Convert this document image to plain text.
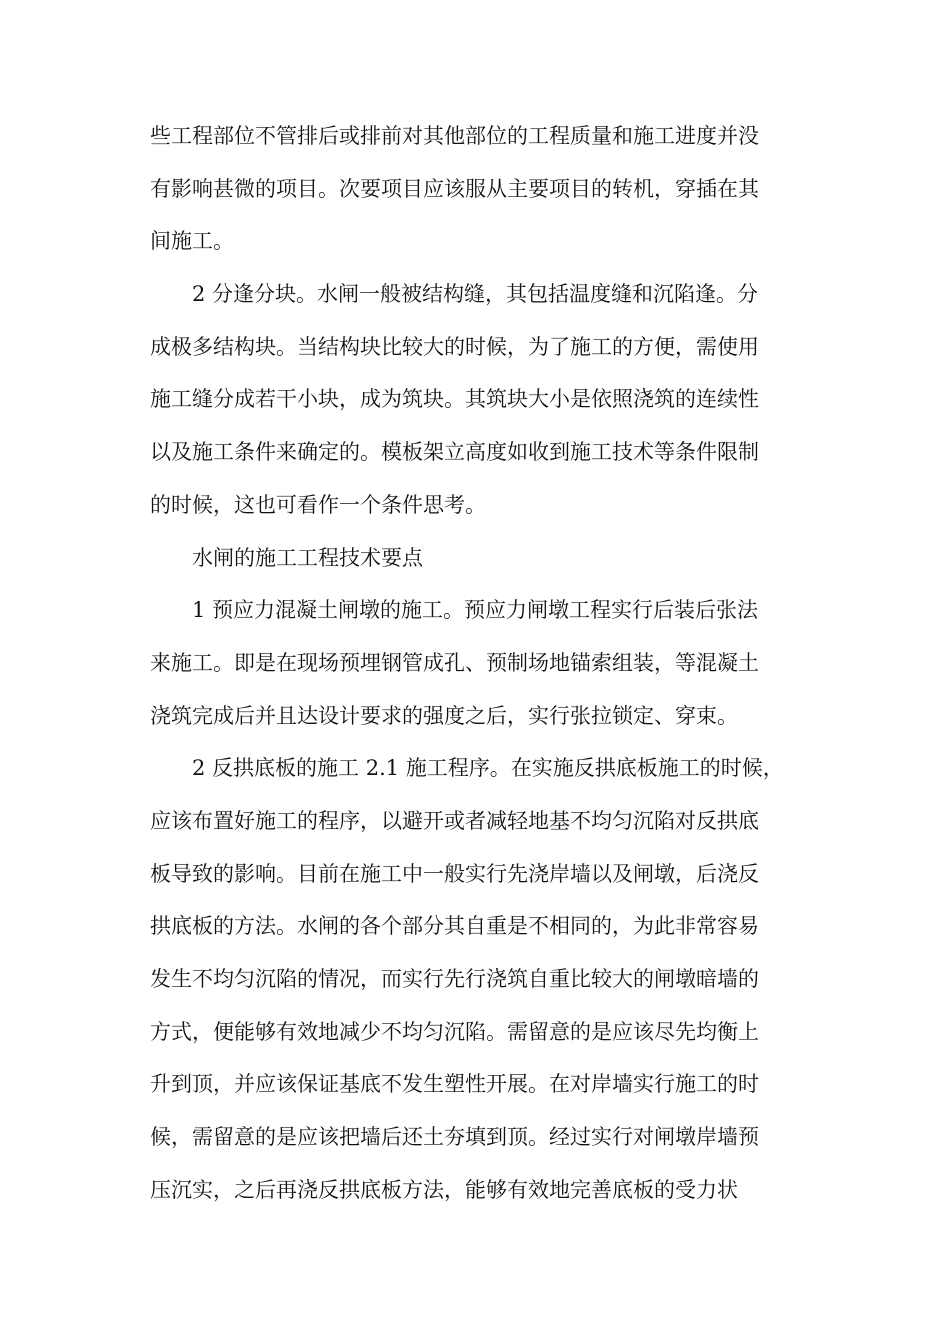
些工程部位不管排后或排前对其他部位的工程质量和施工进度并没
有影响甚微的项目。次要项目应该服从主要项目的转机，穿插在其
间施工。
2 分逢分块。水闸一般被结构缝，其包括温度缝和沉陷逢。分
成极多结构块。当结构块比较大的时候，为了施工的方便，需使用
施工缝分成若干小块，成为筑块。其筑块大小是依照浇筑的连续性
以及施工条件来确定的。模板架立高度如收到施工技术等条件限制
的时候，这也可看作一个条件思考。
水闸的施工工程技术要点
1 预应力混凝土闸墩的施工。预应力闸墩工程实行后装后张法
来施工。即是在现场预埋钢管成孔、预制场地锚索组装，等混凝土
浇筑完成后并且达设计要求的强度之后，实行张拉锁定、穿束。
2 反拱底板的施工 2.1 施工程序。在实施反拱底板施工的时候，
应该布置好施工的程序，以避开或者减轻地基不均匀沉陷对反拱底
板导致的影响。目前在施工中一般实行先浇岸墙以及闸墩，后浇反
拱底板的方法。水闸的各个部分其自重是不相同的，为此非常容易
发生不均匀沉陷的情况，而实行先行浇筑自重比较大的闸墩暗墙的
方式，便能够有效地减少不均匀沉陷。需留意的是应该尽先均衡上
升到顶，并应该保证基底不发生塑性开展。在对岸墙实行施工的时
候，需留意的是应该把墙后还土夯填到顶。经过实行对闸墩岸墙预
压沉实，之后再浇反拱底板方法，能够有效地完善底板的受力状
